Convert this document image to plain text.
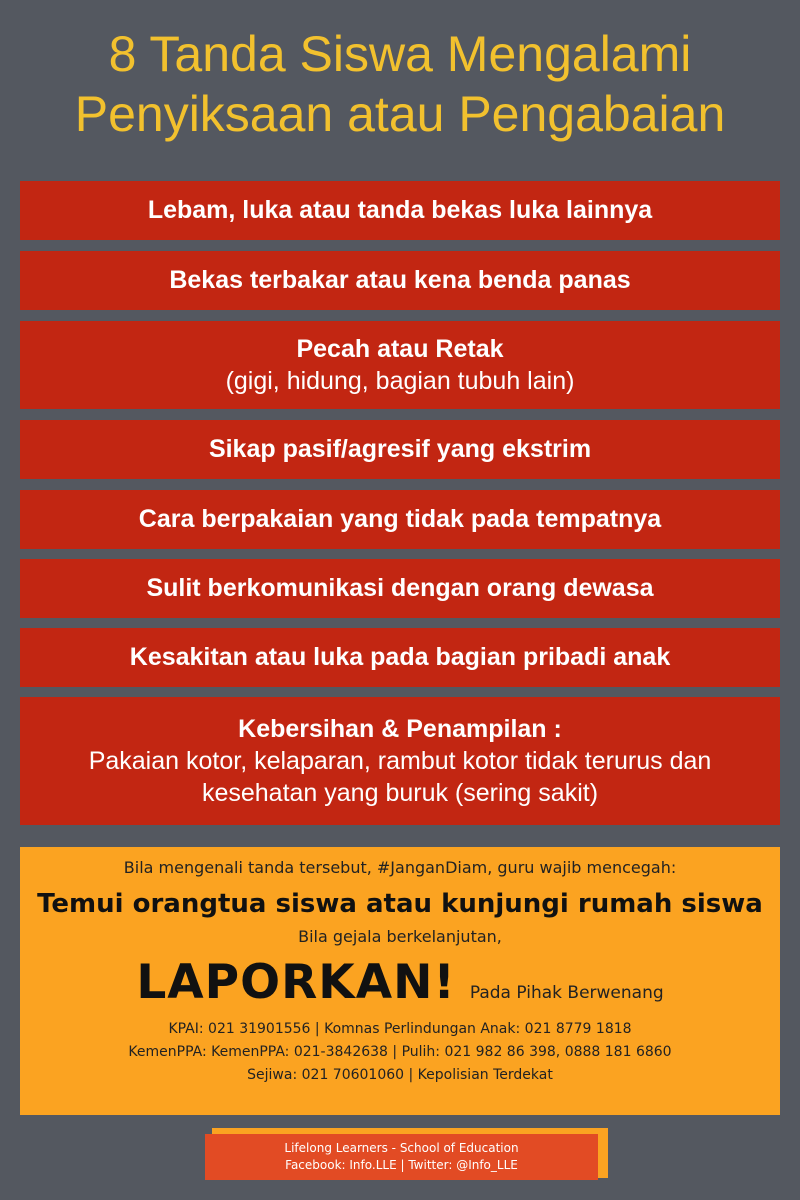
8 Tanda Siswa Mengalami
Penyiksaan atau Pengabaian
Lebam, luka atau tanda bekas luka lainnya
Bekas terbakar atau kena benda panas
Pecah atau Retak
(gigi, hidung, bagian tubuh lain)
Sikap pasif/agresif yang ekstrim
Cara berpakaian yang tidak pada tempatnya
Sulit berkomunikasi dengan orang dewasa
Kesakitan atau luka pada bagian pribadi anak
Kebersihan & Penampilan :
Pakaian kotor, kelaparan, rambut kotor tidak terurus dan kesehatan yang buruk (sering sakit)
Bila mengenali tanda tersebut, #JanganDiam, guru wajib mencegah:
Temui orangtua siswa atau kunjungi rumah siswa
Bila gejala berkelanjutan,
LAPORKAN! Pada Pihak Berwenang
KPAI: 021 31901556 | Komnas Perlindungan Anak: 021 8779 1818
KemenPPA: KemenPPA: 021-3842638 | Pulih: 021 982 86 398, 0888 181 6860
Sejiwa: 021 70601060 | Kepolisian Terdekat
Lifelong Learners - School of Education
Facebook: Info.LLE | Twitter: @Info_LLE
